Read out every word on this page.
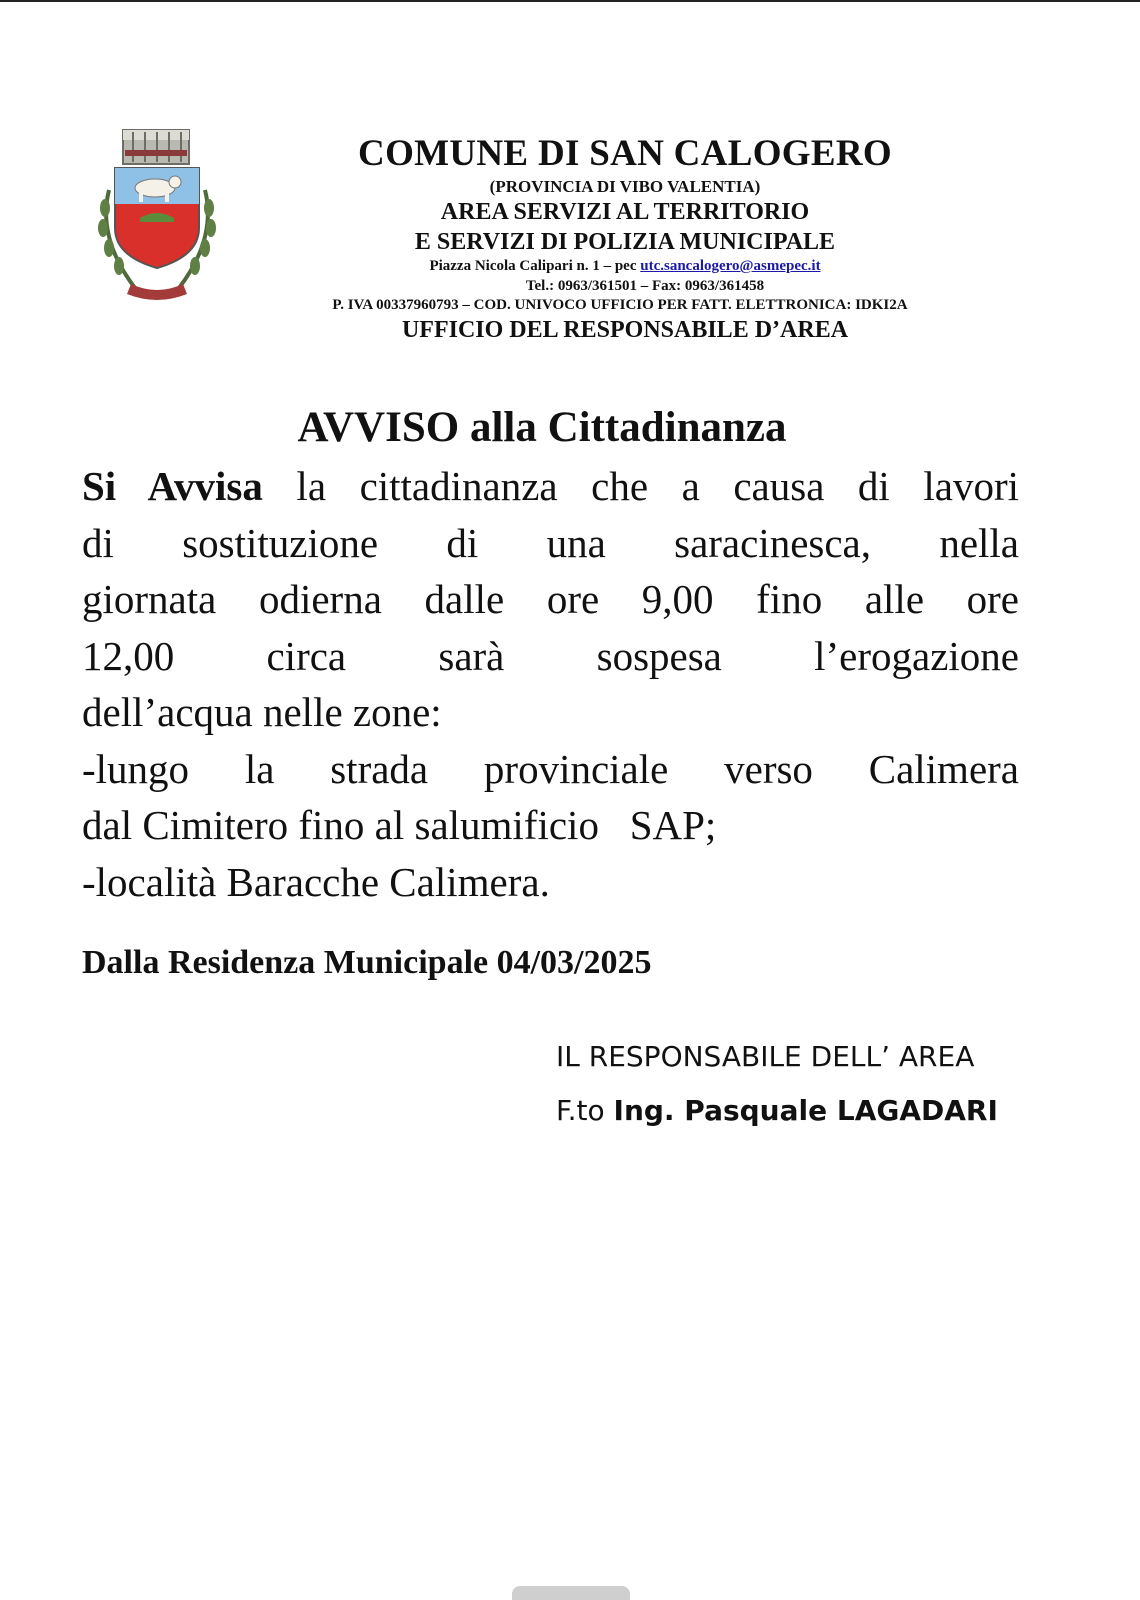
COMUNE DI SAN CALOGERO
(PROVINCIA DI VIBO VALENTIA)
AREA SERVIZI AL TERRITORIO
E SERVIZI DI POLIZIA MUNICIPALE
Piazza Nicola Calipari n. 1 – pec utc.sancalogero@asmepec.it
Tel.: 0963/361501 – Fax: 0963/361458
P. IVA 00337960793 – COD. UNIVOCO UFFICIO PER FATT. ELETTRONICA: IDKI2A
UFFICIO DEL RESPONSABILE D’AREA
AVVISO alla Cittadinanza
Si Avvisa la cittadinanza che a causa di lavori
di sostituzione di una saracinesca, nella
giornata odierna dalle ore 9,00 fino alle ore
12,00 circa sarà sospesa l’erogazione
dell’acqua nelle zone:
-lungo la strada provinciale verso Calimera
dal Cimitero fino al salumificio   SAP;
-località Baracche Calimera.
Dalla Residenza Municipale 04/03/2025
IL RESPONSABILE DELL’ AREA
F.to Ing. Pasquale LAGADARI
